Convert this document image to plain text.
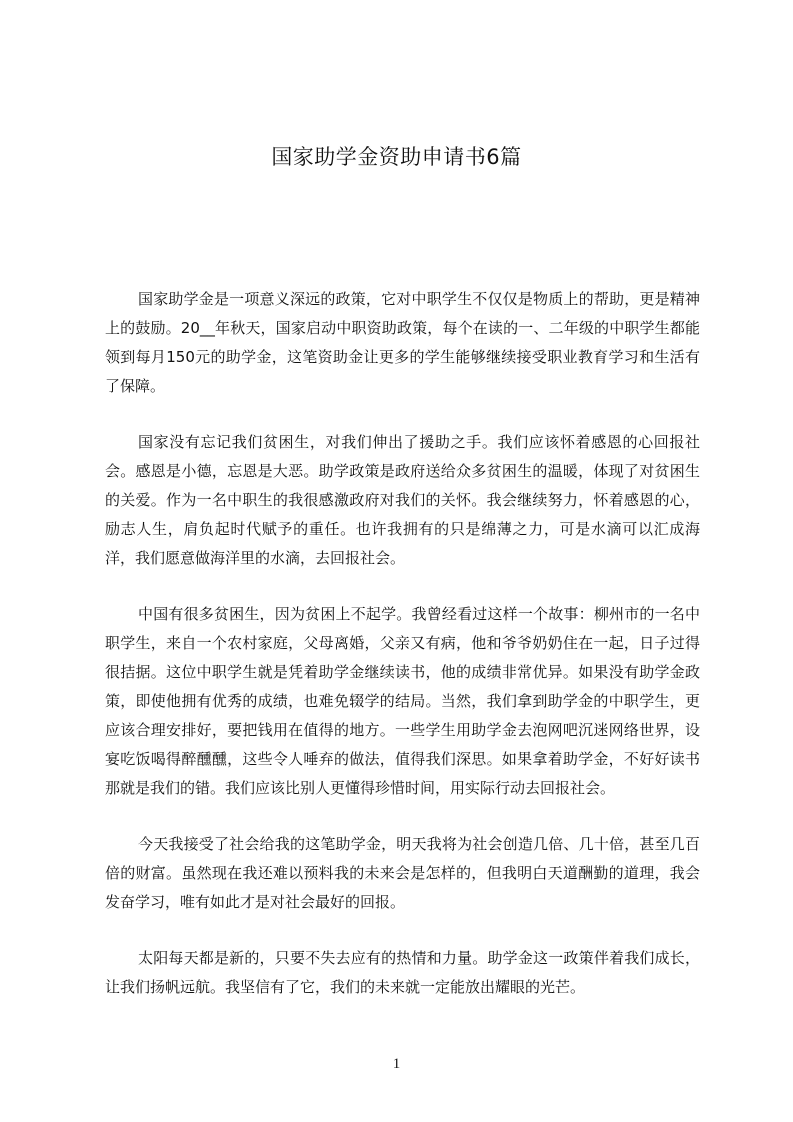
国家助学金资助申请书6篇

国家助学金是一项意义深远的政策，它对中职学生不仅仅是物质上的帮助，更是精神上的鼓励。20__年秋天，国家启动中职资助政策，每个在读的一、二年级的中职学生都能领到每月150元的助学金，这笔资助金让更多的学生能够继续接受职业教育学习和生活有了保障。

国家没有忘记我们贫困生，对我们伸出了援助之手。我们应该怀着感恩的心回报社会。感恩是小德，忘恩是大恶。助学政策是政府送给众多贫困生的温暖，体现了对贫困生的关爱。作为一名中职生的我很感激政府对我们的关怀。我会继续努力，怀着感恩的心，励志人生，肩负起时代赋予的重任。也许我拥有的只是绵薄之力，可是水滴可以汇成海洋，我们愿意做海洋里的水滴，去回报社会。

中国有很多贫困生，因为贫困上不起学。我曾经看过这样一个故事：柳州市的一名中职学生，来自一个农村家庭，父母离婚，父亲又有病，他和爷爷奶奶住在一起，日子过得很拮据。这位中职学生就是凭着助学金继续读书，他的成绩非常优异。如果没有助学金政策，即使他拥有优秀的成绩，也难免辍学的结局。当然，我们拿到助学金的中职学生，更应该合理安排好，要把钱用在值得的地方。一些学生用助学金去泡网吧沉迷网络世界，设宴吃饭喝得醉醺醺，这些令人唾弃的做法，值得我们深思。如果拿着助学金，不好好读书那就是我们的错。我们应该比别人更懂得珍惜时间，用实际行动去回报社会。

今天我接受了社会给我的这笔助学金，明天我将为社会创造几倍、几十倍，甚至几百倍的财富。虽然现在我还难以预料我的未来会是怎样的，但我明白天道酬勤的道理，我会发奋学习，唯有如此才是对社会最好的回报。

太阳每天都是新的，只要不失去应有的热情和力量。助学金这一政策伴着我们成长，让我们扬帆远航。我坚信有了它，我们的未来就一定能放出耀眼的光芒。

1
